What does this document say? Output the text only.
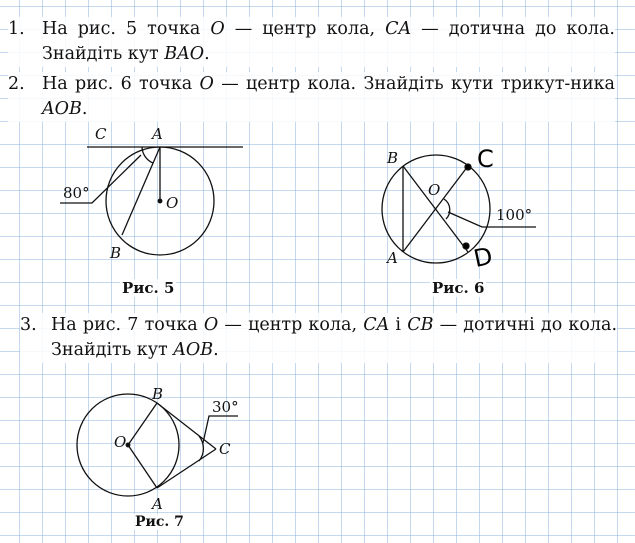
1. На рис. 5 точка O — центр кола, CA — дотична до кола. Знайдіть кут BAO.
2. На рис. 6 точка O — центр кола. Знайдіть кути трикут-ника AOB.
3. На рис. 7 точка O — центр кола, CA і CB — дотичні до кола. Знайдіть кут AOB.
C	A
O
B
80°
B
O
A
100°
C
D
B
O	C
A
30°
Рис. 5	Рис. 6
Рис. 7
